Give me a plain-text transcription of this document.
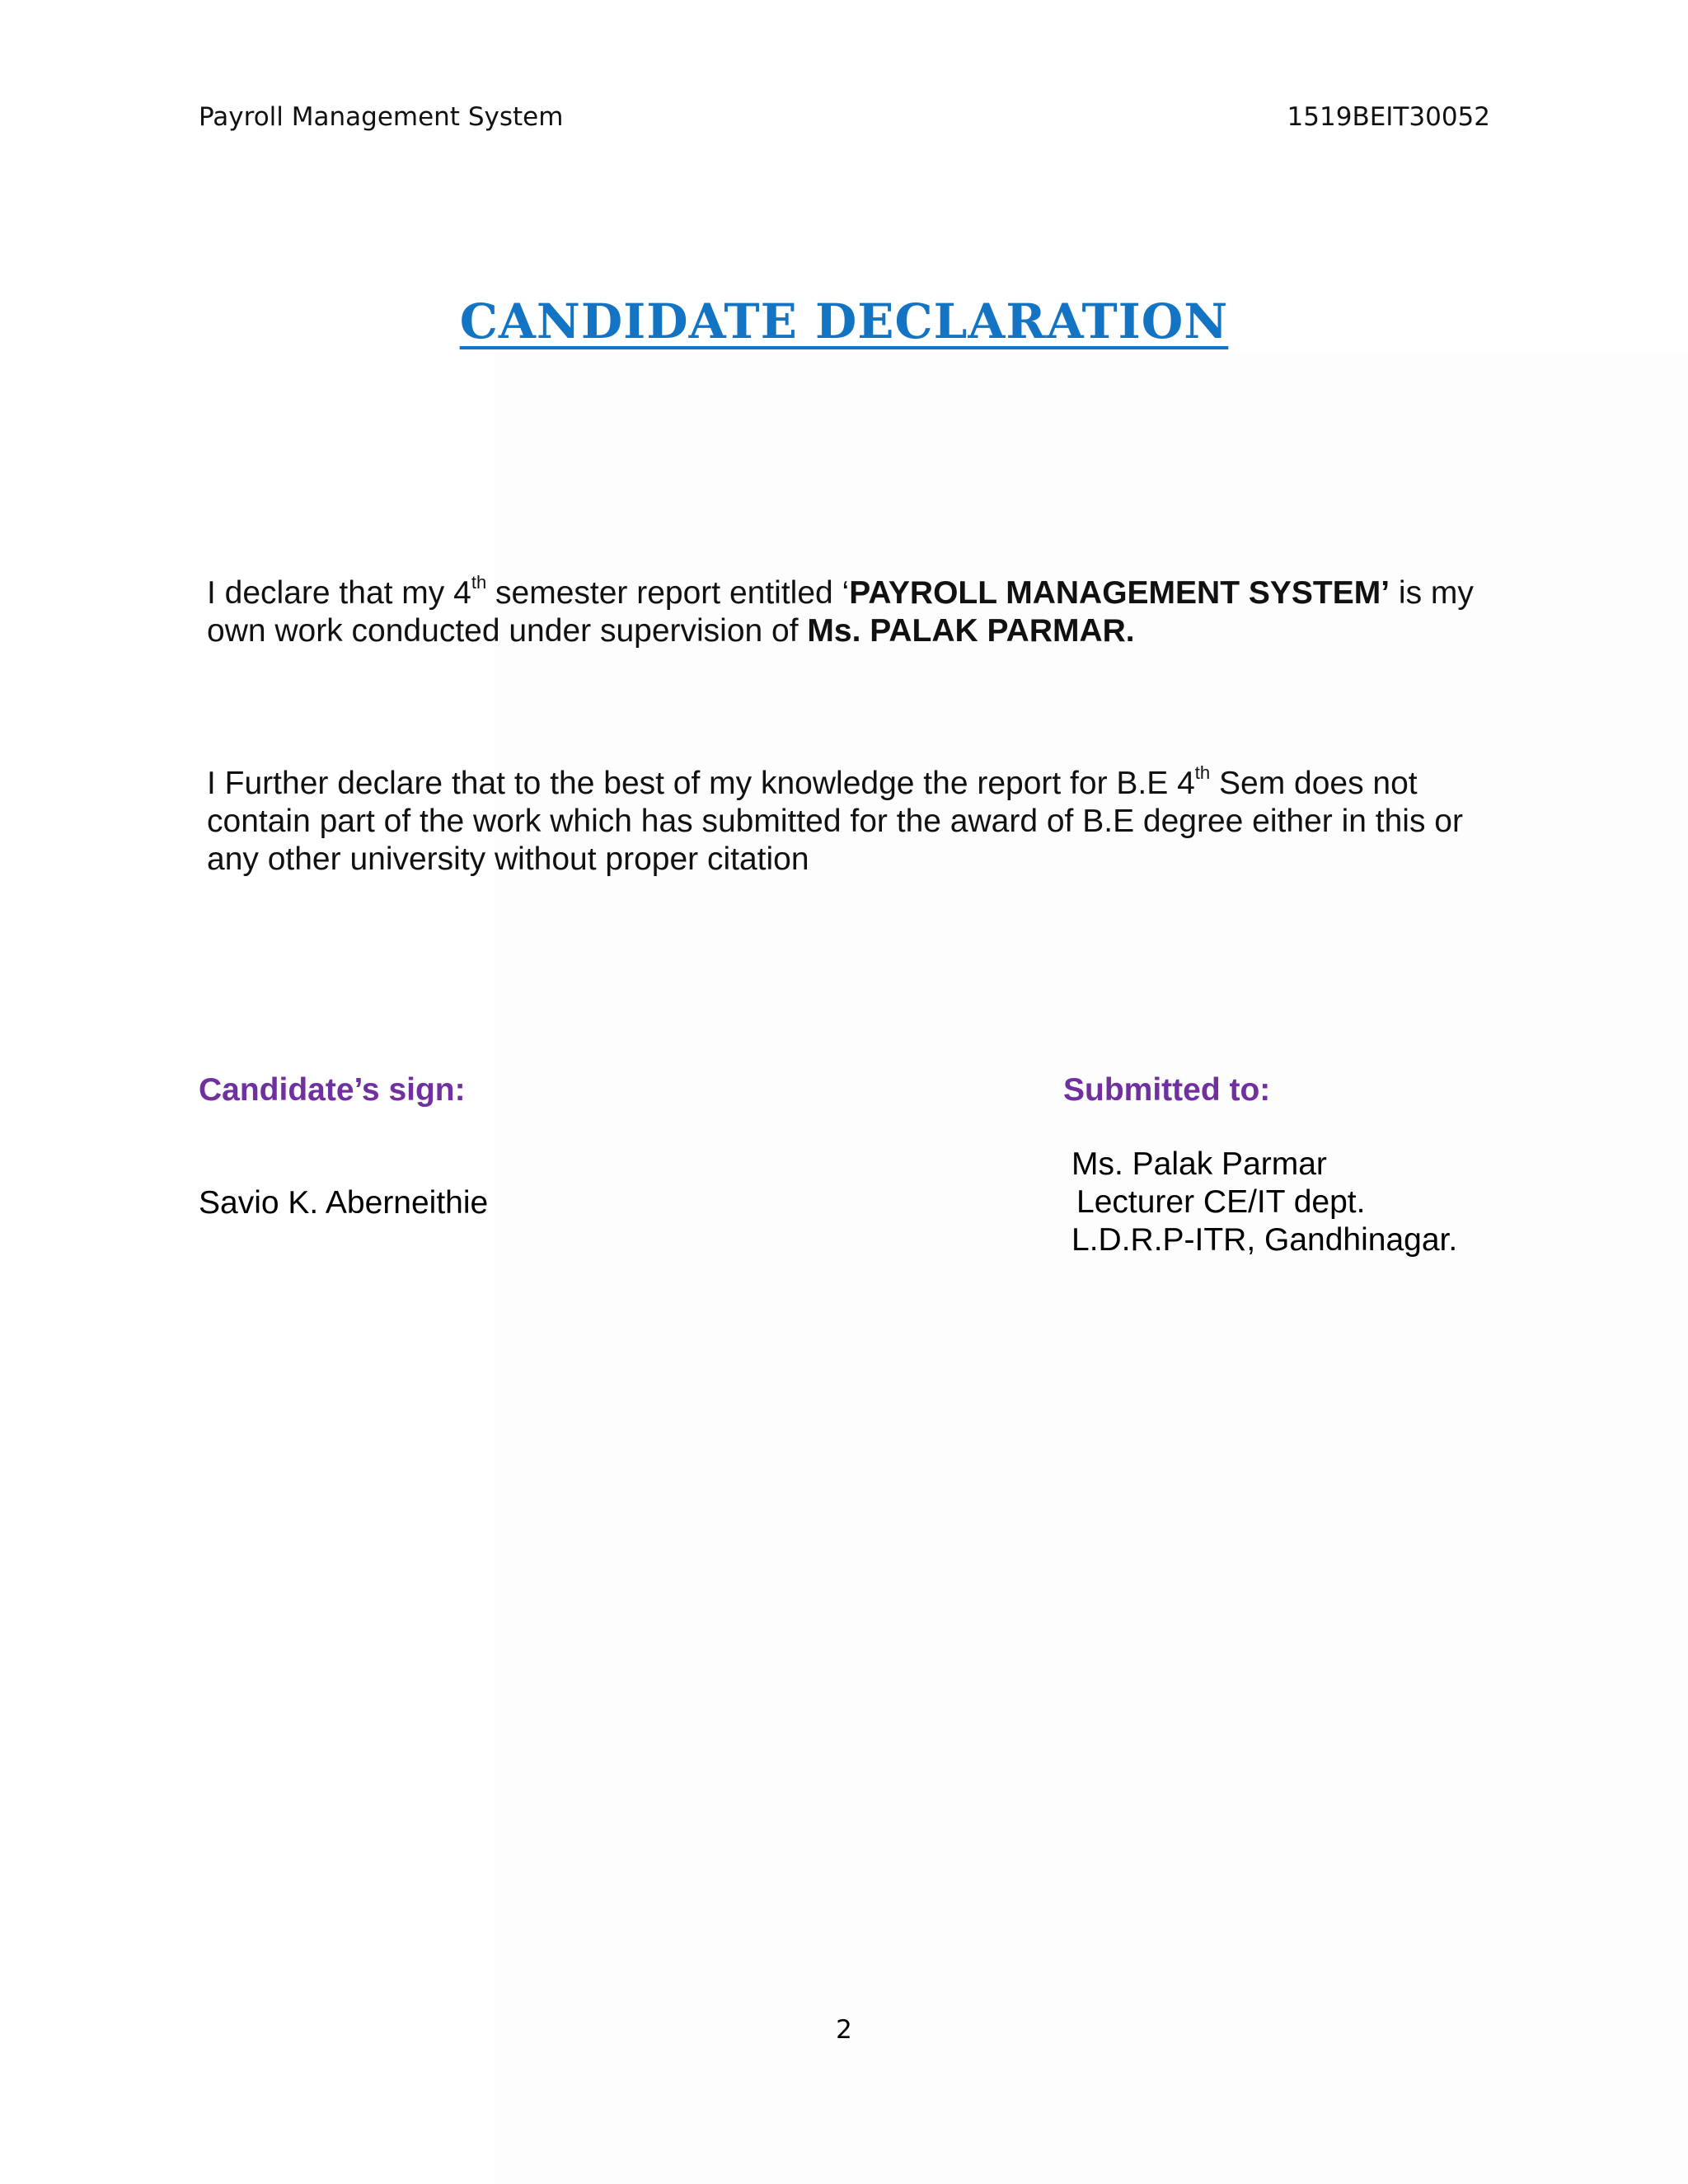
Payroll Management System	1519BEIT30052
CANDIDATE DECLARATION
I declare that my 4th semester report entitled ‘PAYROLL MANAGEMENT SYSTEM’ is my own work conducted under supervision of Ms. PALAK PARMAR.
I Further declare that to the best of my knowledge the report for B.E 4th Sem does not contain part of the work which has submitted for the award of B.E degree either in this or any other university without proper citation
Candidate’s sign:	Submitted to:
Savio K. Aberneithie
Ms. Palak Parmar
Lecturer CE/IT dept.
L.D.R.P-ITR, Gandhinagar.
2
